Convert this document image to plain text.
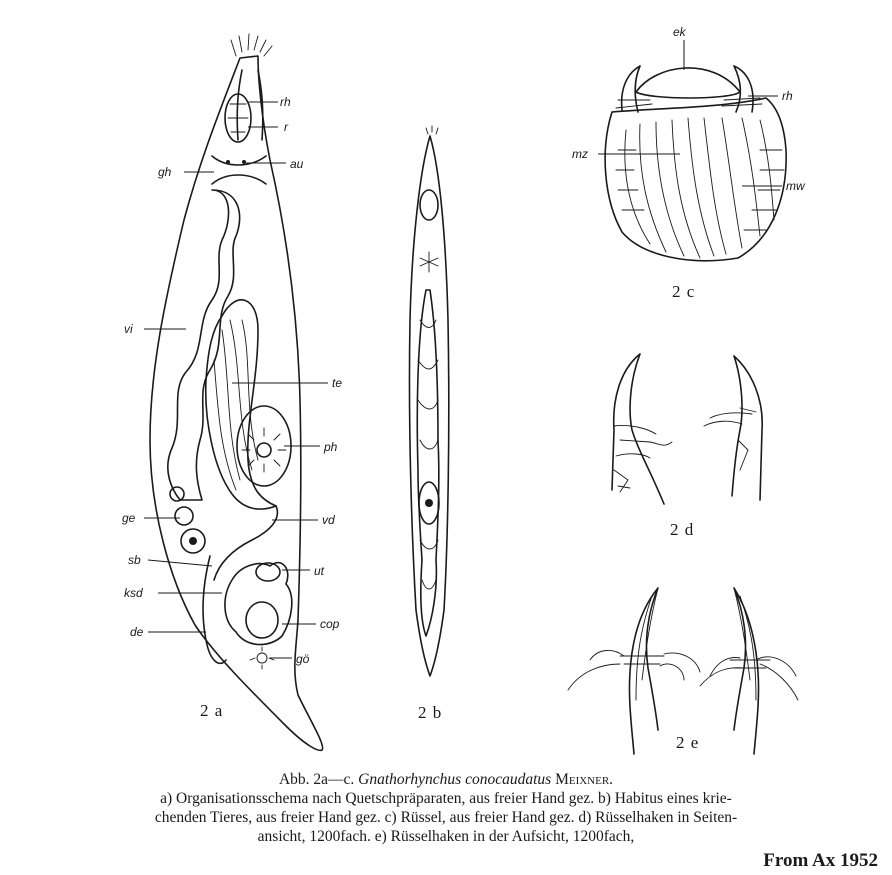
rh
r
au
gh
vi
te
ph
ge	vd
sb
ut
ksd
cop
de
gö
2 a	2 b
ek
rh
mz
mw
2 c
2 d
2 e

Abb. 2a—c. Gnathorhynchus conocaudatus Meixner.
a) Organisationsschema nach Quetschpräparaten, aus freier Hand gez. b) Habitus eines krie-
chenden Tieres, aus freier Hand gez. c) Rüssel, aus freier Hand gez. d) Rüsselhaken in Seiten-
ansicht, 1200fach. e) Rüsselhaken in der Aufsicht, 1200fach,

From Ax 1952
